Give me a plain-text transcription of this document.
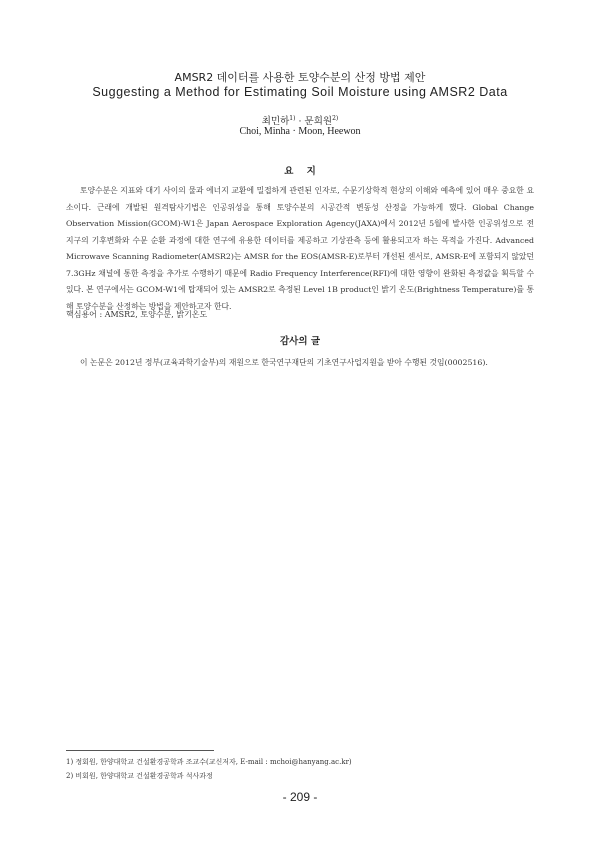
AMSR2 데이터를 사용한 토양수분의 산정 방법 제안
Suggesting a Method for Estimating Soil Moisture using AMSR2 Data
최민하$^{1)}$ · 문희원$^{2)}$
Choi, Minha · Moon, Heewon
요    지

토양수분은 지표와 대기 사이의 물과 에너지 교환에 밀접하게 관련된 인자로, 수문기상학적 현상의 이해와 예측에 있어 매우 중요한 요소이다. 근래에 개발된 원격탐사기법은 인공위성을 통해 토양수분의 시공간적 변동성 산정을 가능하게 했다. Global Change Observation Mission(GCOM)-W1은 Japan Aerospace Exploration Agency(JAXA)에서 2012년 5월에 발사한 인공위성으로 전 지구의 기후변화와 수문 순환 과정에 대한 연구에 유용한 데이터를 제공하고 기상관측 등에 활용되고자 하는 목적을 가진다. Advanced Microwave Scanning Radiometer(AMSR2)는 AMSR for the EOS(AMSR-E)로부터 개선된 센서로, AMSR-E에 포함되지 않았던 7.3GHz 채널에 통한 측정을 추가로 수행하기 때문에 Radio Frequency Interference(RFI)에 대한 영향이 완화된 측정값을 획득할 수 있다. 본 연구에서는 GCOM-W1에 탑재되어 있는 AMSR2로 측정된 Level 1B product인 밝기 온도(Brightness Temperature)를 통해 토양수분을 산정하는 방법을 제안하고자 한다.

핵심용어 : AMSR2, 토양수분, 밝기온도

감사의 글

이 논문은 2012년 정부(교육과학기술부)의 재원으로 한국연구재단의 기초연구사업지원을 받아 수행된 것임(0002516).

1) 정회원, 한양대학교 건설환경공학과 조교수(교신저자, E-mail : mchoi@hanyang.ac.kr)

2) 비회원, 한양대학교 건설환경공학과 석사과정

- 209 -
